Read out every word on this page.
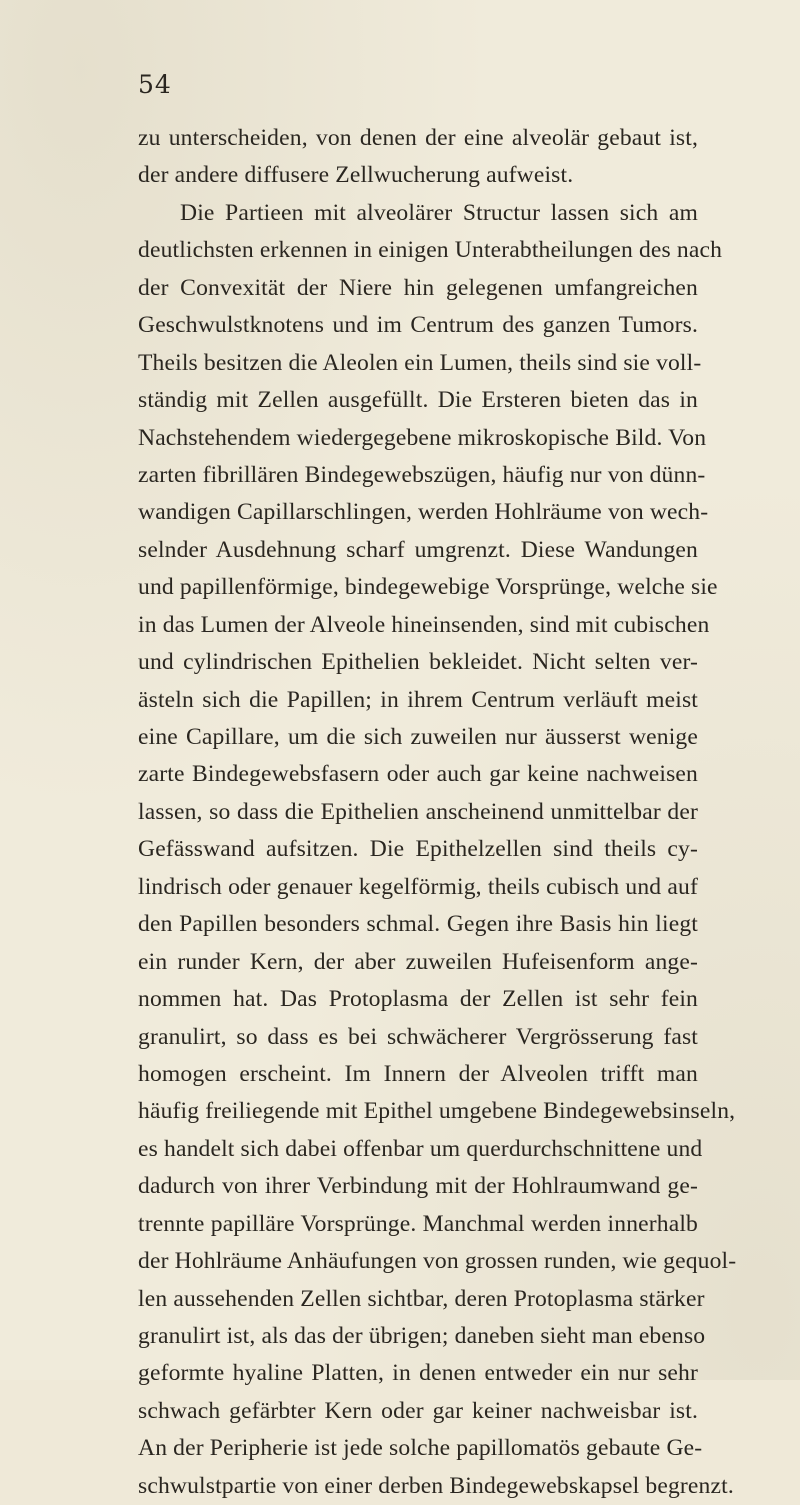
54
zu unterscheiden, von denen der eine alveolär gebaut ist,
der andere diffusere Zellwucherung aufweist.
Die Partieen mit alveolärer Structur lassen sich am
deutlichsten erkennen in einigen Unterabtheilungen des nach
der Convexität der Niere hin gelegenen umfangreichen
Geschwulstknotens und im Centrum des ganzen Tumors.
Theils besitzen die Aleolen ein Lumen, theils sind sie voll-
ständig mit Zellen ausgefüllt. Die Ersteren bieten das in
Nachstehendem wiedergegebene mikroskopische Bild. Von
zarten fibrillären Bindegewebszügen, häufig nur von dünn-
wandigen Capillarschlingen, werden Hohlräume von wech-
selnder Ausdehnung scharf umgrenzt. Diese Wandungen
und papillenförmige, bindegewebige Vorsprünge, welche sie
in das Lumen der Alveole hineinsenden, sind mit cubischen
und cylindrischen Epithelien bekleidet. Nicht selten ver-
ästeln sich die Papillen; in ihrem Centrum verläuft meist
eine Capillare, um die sich zuweilen nur äusserst wenige
zarte Bindegewebsfasern oder auch gar keine nachweisen
lassen, so dass die Epithelien anscheinend unmittelbar der
Gefässwand aufsitzen. Die Epithelzellen sind theils cy-
lindrisch oder genauer kegelförmig, theils cubisch und auf
den Papillen besonders schmal. Gegen ihre Basis hin liegt
ein runder Kern, der aber zuweilen Hufeisenform ange-
nommen hat. Das Protoplasma der Zellen ist sehr fein
granulirt, so dass es bei schwächerer Vergrösserung fast
homogen erscheint. Im Innern der Alveolen trifft man
häufig freiliegende mit Epithel umgebene Bindegewebsinseln,
es handelt sich dabei offenbar um querdurchschnittene und
dadurch von ihrer Verbindung mit der Hohlraumwand ge-
trennte papilläre Vorsprünge. Manchmal werden innerhalb
der Hohlräume Anhäufungen von grossen runden, wie gequol-
len aussehenden Zellen sichtbar, deren Protoplasma stärker
granulirt ist, als das der übrigen; daneben sieht man ebenso
geformte hyaline Platten, in denen entweder ein nur sehr
schwach gefärbter Kern oder gar keiner nachweisbar ist.
An der Peripherie ist jede solche papillomatös gebaute Ge-
schwulstpartie von einer derben Bindegewebskapsel begrenzt.
